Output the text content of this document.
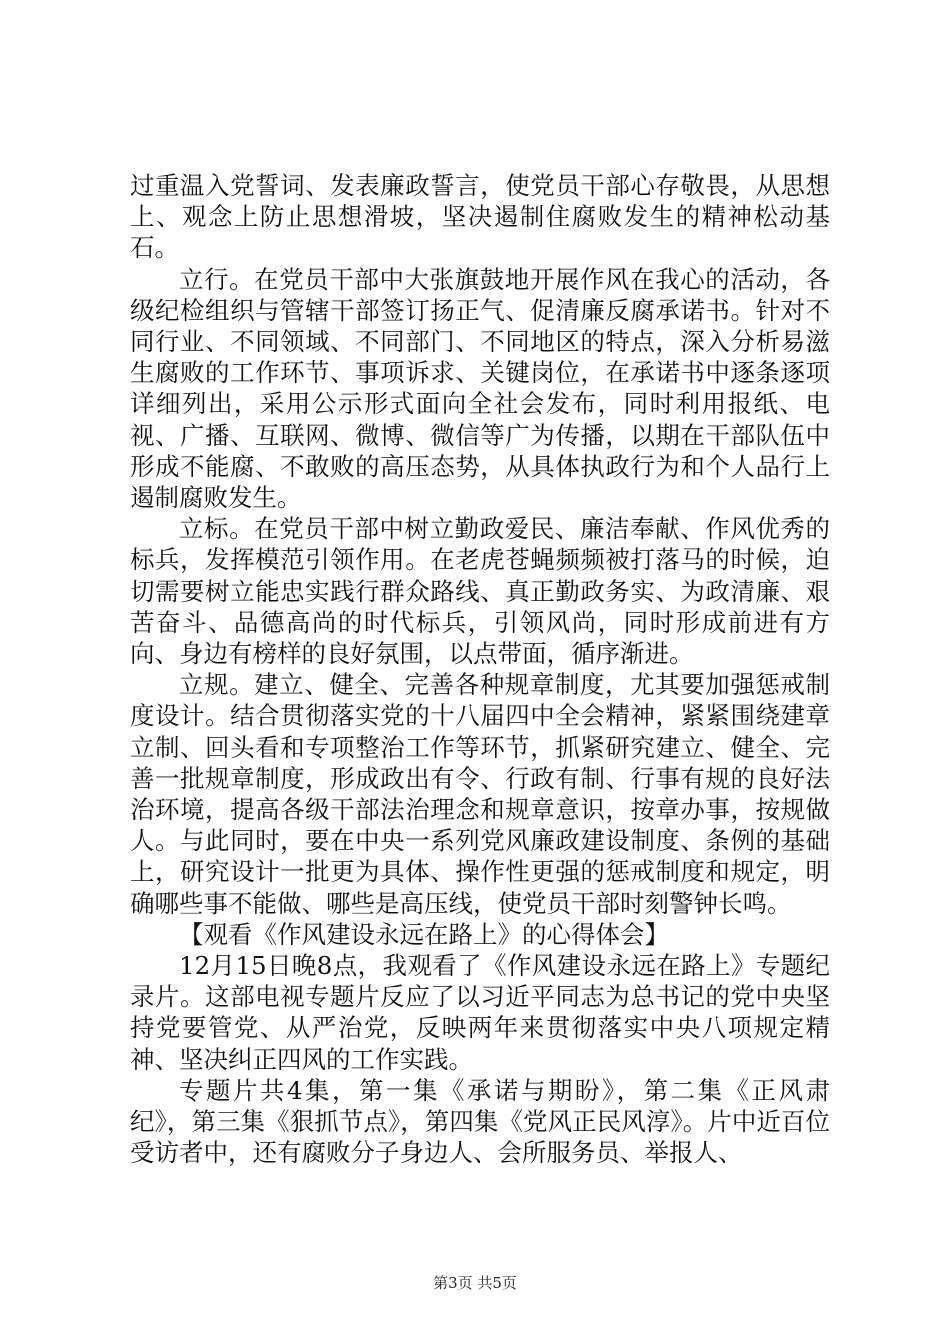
过重温入党誓词、发表廉政誓言，使党员干部心存敬畏，从思想上、观念上防止思想滑坡，坚决遏制住腐败发生的精神松动基石。

立行。在党员干部中大张旗鼓地开展作风在我心的活动，各级纪检组织与管辖干部签订扬正气、促清廉反腐承诺书。针对不同行业、不同领域、不同部门、不同地区的特点，深入分析易滋生腐败的工作环节、事项诉求、关键岗位，在承诺书中逐条逐项详细列出，采用公示形式面向全社会发布，同时利用报纸、电视、广播、互联网、微博、微信等广为传播，以期在干部队伍中形成不能腐、不敢败的高压态势，从具体执政行为和个人品行上遏制腐败发生。

立标。在党员干部中树立勤政爱民、廉洁奉献、作风优秀的标兵，发挥模范引领作用。在老虎苍蝇频频被打落马的时候，迫切需要树立能忠实践行群众路线、真正勤政务实、为政清廉、艰苦奋斗、品德高尚的时代标兵，引领风尚，同时形成前进有方向、身边有榜样的良好氛围，以点带面，循序渐进。

立规。建立、健全、完善各种规章制度，尤其要加强惩戒制度设计。结合贯彻落实党的十八届四中全会精神，紧紧围绕建章立制、回头看和专项整治工作等环节，抓紧研究建立、健全、完善一批规章制度，形成政出有令、行政有制、行事有规的良好法治环境，提高各级干部法治理念和规章意识，按章办事，按规做人。与此同时，要在中央一系列党风廉政建设制度、条例的基础上，研究设计一批更为具体、操作性更强的惩戒制度和规定，明确哪些事不能做、哪些是高压线，使党员干部时刻警钟长鸣。

【观看《作风建设永远在路上》的心得体会】

12月15日晚8点，我观看了《作风建设永远在路上》专题纪录片。这部电视专题片反应了以习近平同志为总书记的党中央坚持党要管党、从严治党，反映两年来贯彻落实中央八项规定精神、坚决纠正四风的工作实践。

专题片共4集，第一集《承诺与期盼》，第二集《正风肃纪》，第三集《狠抓节点》，第四集《党风正民风淳》。片中近百位受访者中，还有腐败分子身边人、会所服务员、举报人、

第3页 共5页
